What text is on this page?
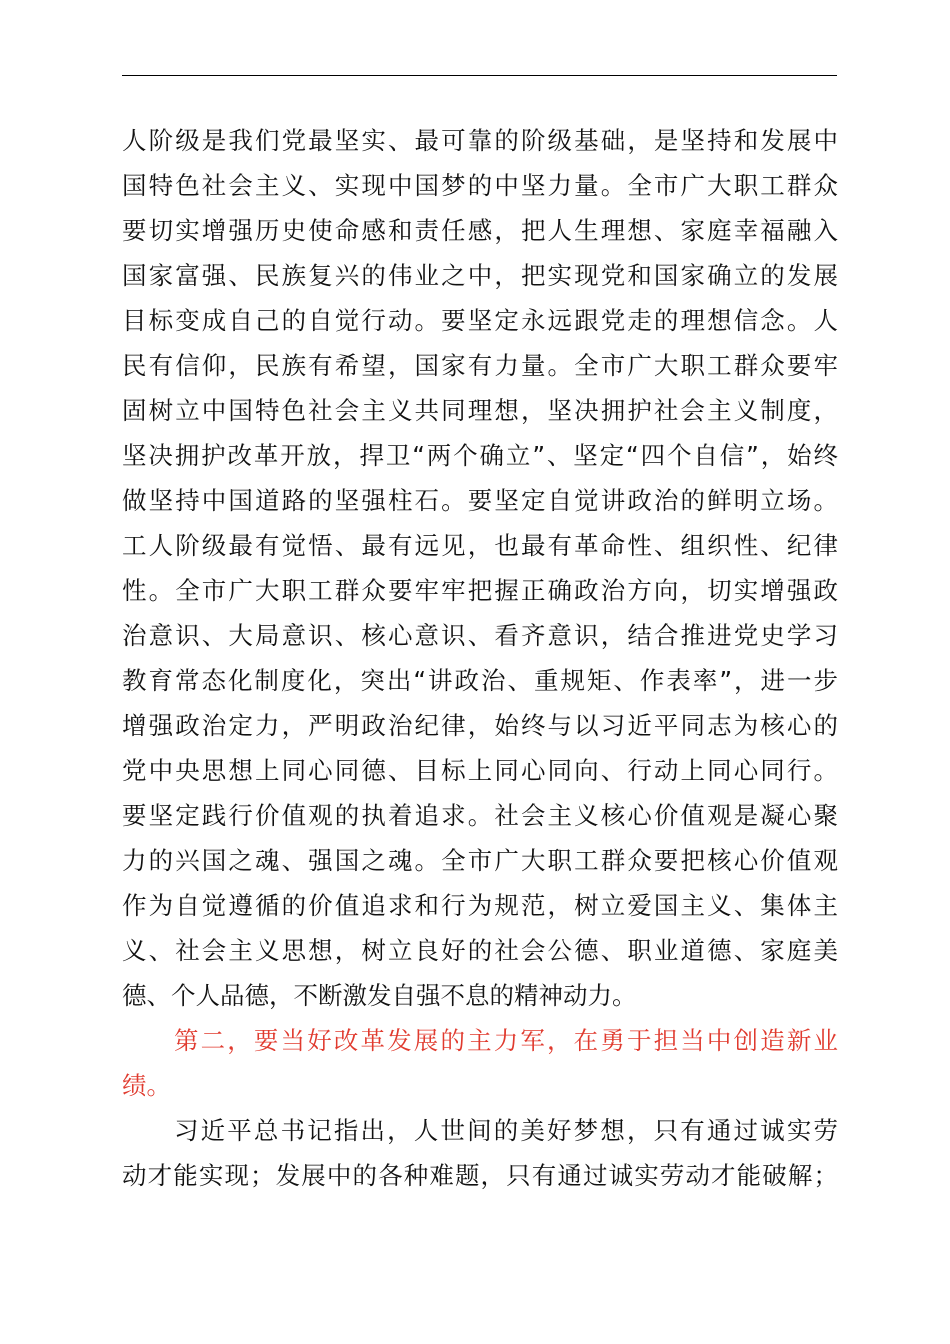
人阶级是我们党最坚实、最可靠的阶级基础，是坚持和发展中
国特色社会主义、实现中国梦的中坚力量。全市广大职工群众
要切实增强历史使命感和责任感，把人生理想、家庭幸福融入
国家富强、民族复兴的伟业之中，把实现党和国家确立的发展
目标变成自己的自觉行动。要坚定永远跟党走的理想信念。人
民有信仰，民族有希望，国家有力量。全市广大职工群众要牢
固树立中国特色社会主义共同理想，坚决拥护社会主义制度，
坚决拥护改革开放，捍卫“两个确立”、坚定“四个自信”，始终
做坚持中国道路的坚强柱石。要坚定自觉讲政治的鲜明立场。
工人阶级最有觉悟、最有远见，也最有革命性、组织性、纪律
性。全市广大职工群众要牢牢把握正确政治方向，切实增强政
治意识、大局意识、核心意识、看齐意识，结合推进党史学习
教育常态化制度化，突出“讲政治、重规矩、作表率”，进一步
增强政治定力，严明政治纪律，始终与以习近平同志为核心的
党中央思想上同心同德、目标上同心同向、行动上同心同行。
要坚定践行价值观的执着追求。社会主义核心价值观是凝心聚
力的兴国之魂、强国之魂。全市广大职工群众要把核心价值观
作为自觉遵循的价值追求和行为规范，树立爱国主义、集体主
义、社会主义思想，树立良好的社会公德、职业道德、家庭美
德、个人品德，不断激发自强不息的精神动力。
第二，要当好改革发展的主力军，在勇于担当中创造新业
绩。
习近平总书记指出，人世间的美好梦想，只有通过诚实劳
动才能实现；发展中的各种难题，只有通过诚实劳动才能破解；
